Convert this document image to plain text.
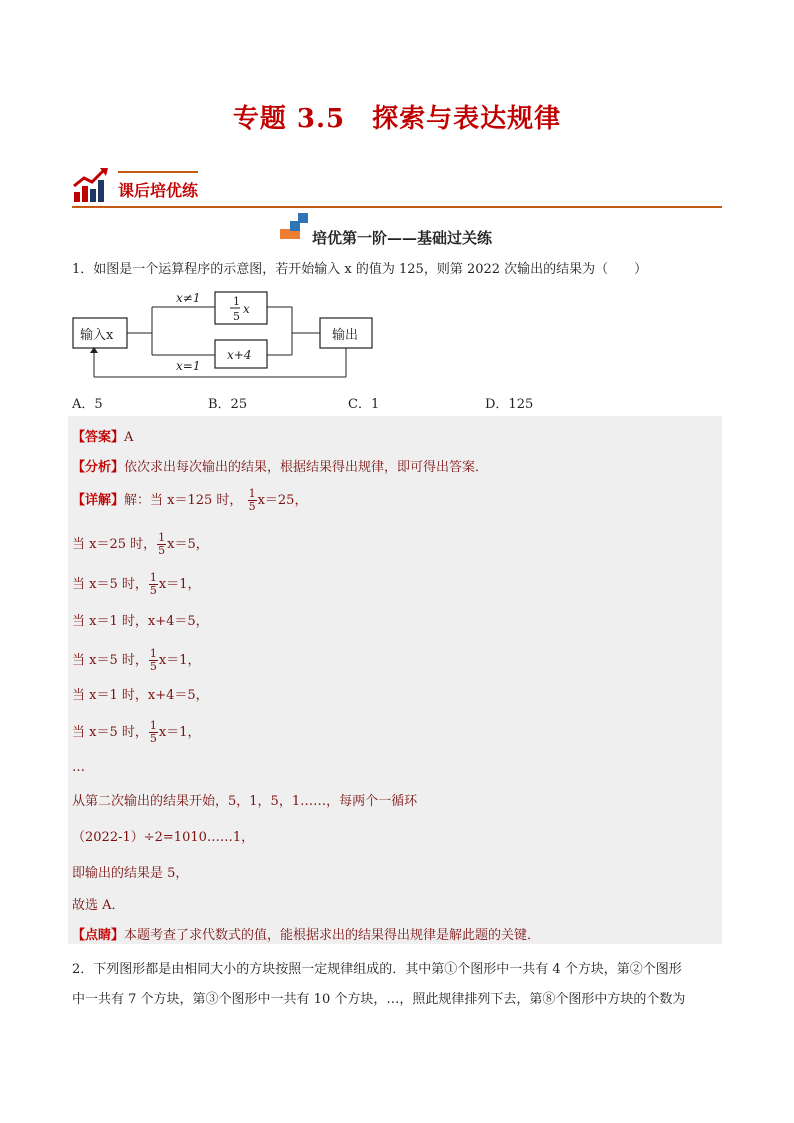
专题 3.5　探索与表达规律
课后培优练
培优第一阶——基础过关练
1．如图是一个运算程序的示意图，若开始输入 x 的值为 125，则第 2022 次输出的结果为（　　）
输入x
x≠1
x=1
1
5
x
x+4
输出
A．5	B．25	C．1	D．125
【答案】A
【分析】依次求出每次输出的结果，根据结果得出规律，即可得出答案．
【详解】解：当 x＝125 时， $\frac{1}{5} x=25$，
当 x＝25 时， $\frac{1}{5} x=5$，
当 x＝5 时， $\frac{1}{5} x=1$，
当 x＝1 时，x+4＝5，
当 x＝5 时， $\frac{1}{5} x=1$，
当 x＝1 时，x+4＝5，
当 x＝5 时， $\frac{1}{5} x=1$，
…
从第二次输出的结果开始，5，1，5，1……，每两个一循环
（2022-1）÷2=1010……1，
即输出的结果是 5，
故选 A．
【点睛】本题考查了求代数式的值，能根据求出的结果得出规律是解此题的关键．
2．下列图形都是由相同大小的方块按照一定规律组成的．其中第①个图形中一共有 4 个方块，第②个图形
中一共有 7 个方块，第③个图形中一共有 10 个方块，…，照此规律排列下去，第⑧个图形中方块的个数为
